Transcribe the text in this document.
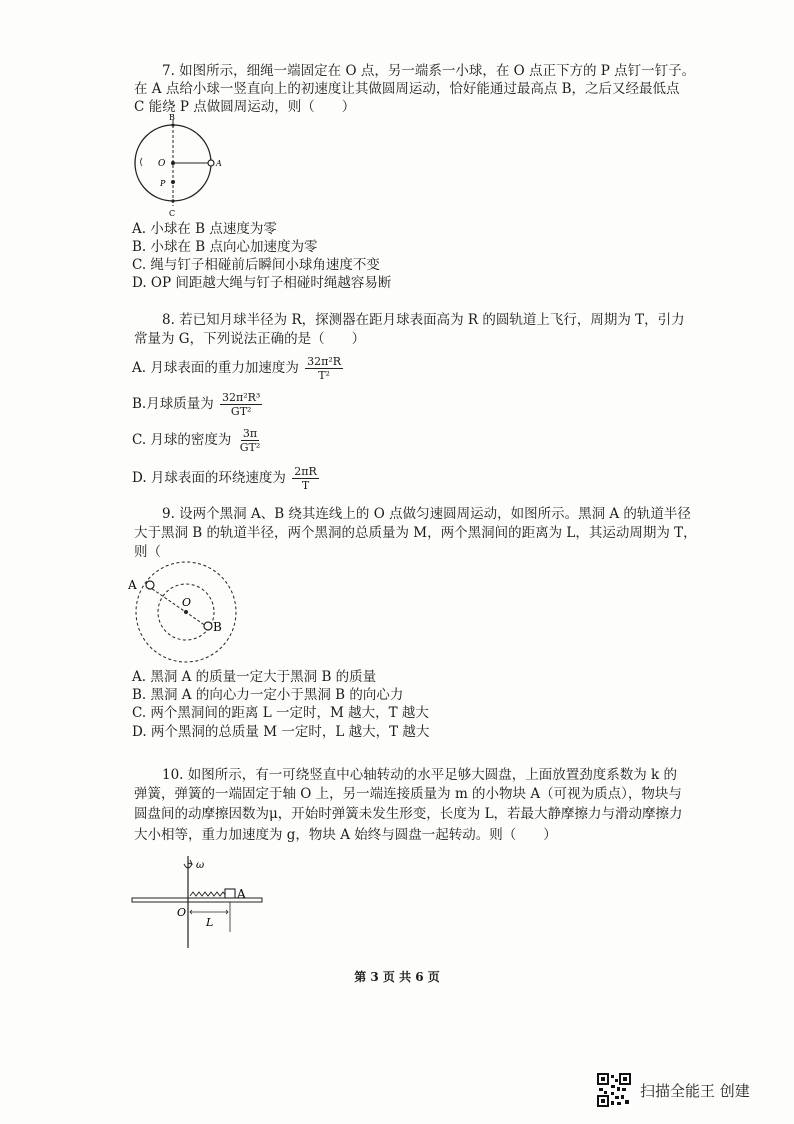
7. 如图所示，细绳一端固定在 O 点，另一端系一小球，在 O 点正下方的 P 点钉一钉子。
在 A 点给小球一竖直向上的初速度让其做圆周运动，恰好能通过最高点 B，之后又经最低点
C 能绕 P 点做圆周运动，则（　　）
B
O	A
P
C
A. 小球在 B 点速度为零
B. 小球在 B 点向心加速度为零
C. 绳与钉子相碰前后瞬间小球角速度不变
D. OP 间距越大绳与钉子相碰时绳越容易断
8. 若已知月球半径为 R，探测器在距月球表面高为 R 的圆轨道上飞行，周期为 T，引力
常量为 G，下列说法正确的是（　　）
A. 月球表面的重力加速度为 $\frac{\text{32π²R}}{\text{T²}}$
B.月球质量为 $\frac{\text{32π²R³}}{\text{GT²}}$
C. 月球的密度为 $\frac{3\pi}{\text{GT²}}$
D. 月球表面的环绕速度为 $\frac{2\pi R}{T}$
9. 设两个黑洞 A、B 绕其连线上的 O 点做匀速圆周运动，如图所示。黑洞 A 的轨道半径
大于黑洞 B 的轨道半径，两个黑洞的总质量为 M，两个黑洞间的距离为 L，其运动周期为 T，
则（
A
O
B
A. 黑洞 A 的质量一定大于黑洞 B 的质量
B. 黑洞 A 的向心力一定小于黑洞 B 的向心力
C. 两个黑洞间的距离 L 一定时，M 越大，T 越大
D. 两个黑洞的总质量 M 一定时，L 越大，T 越大
10. 如图所示，有一可绕竖直中心轴转动的水平足够大圆盘，上面放置劲度系数为 k 的
弹簧，弹簧的一端固定于轴 O 上，另一端连接质量为 m 的小物块 A（可视为质点），物块与
圆盘间的动摩擦因数为μ，开始时弹簧未发生形变，长度为 L，若最大静摩擦力与滑动摩擦力
大小相等，重力加速度为 g，物块 A 始终与圆盘一起转动。则（　　）
ω
A
O
L
第 3 页 共 6 页
扫描全能王 创建
